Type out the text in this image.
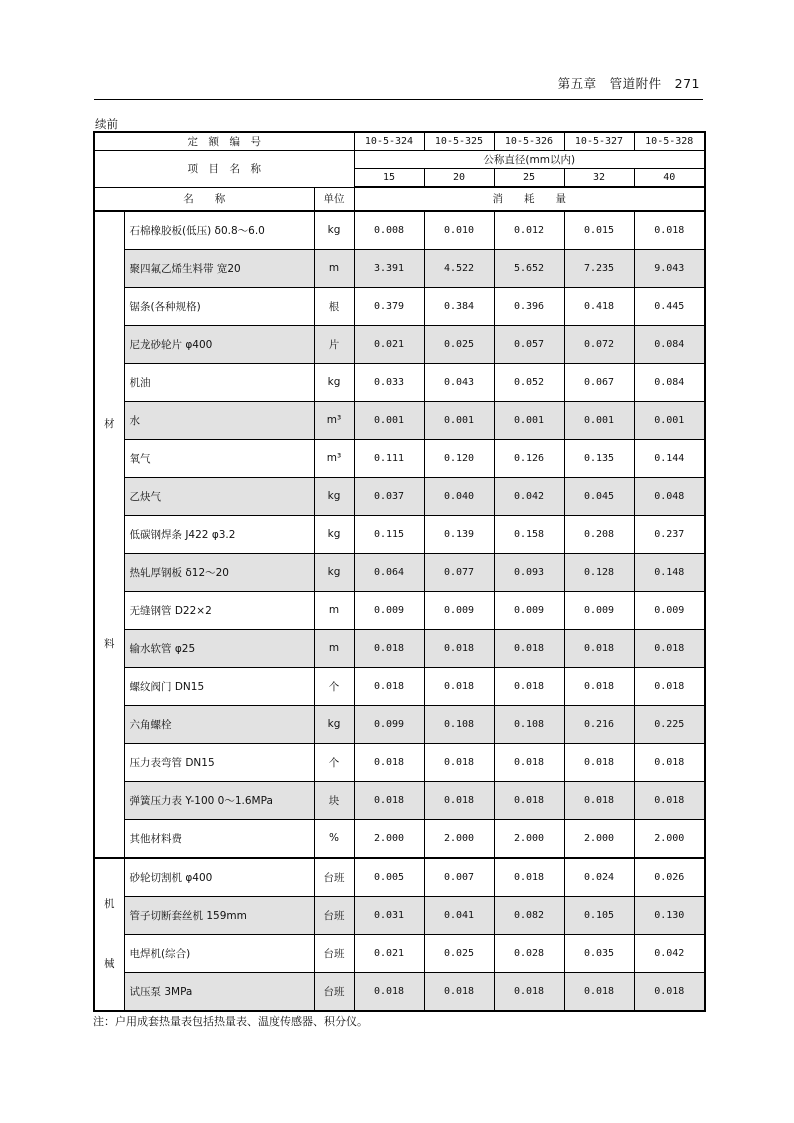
第五章　管道附件　271
续前
定　额　编　号			10-5-324	10-5-325	10-5-326	10-5-327	10-5-328
项　目　名　称			公称直径(mm以内)				
			15	20	25	32	40
名　　称		单位	消　　耗　　量				

材
料	石棉橡胶板(低压) δ0.8～6.0	kg	0.008	0.010	0.012	0.015	0.018
	聚四氟乙烯生料带 宽20	m	3.391	4.522	5.652	7.235	9.043
	锯条(各种规格)	根	0.379	0.384	0.396	0.418	0.445
	尼龙砂轮片 φ400	片	0.021	0.025	0.057	0.072	0.084
	机油	kg	0.033	0.043	0.052	0.067	0.084
	水	m³	0.001	0.001	0.001	0.001	0.001
	氧气	m³	0.111	0.120	0.126	0.135	0.144
	乙炔气	kg	0.037	0.040	0.042	0.045	0.048
	低碳钢焊条 J422 φ3.2	kg	0.115	0.139	0.158	0.208	0.237
	热轧厚钢板 δ12～20	kg	0.064	0.077	0.093	0.128	0.148
	无缝钢管 D22×2	m	0.009	0.009	0.009	0.009	0.009
	输水软管 φ25	m	0.018	0.018	0.018	0.018	0.018
	螺纹阀门 DN15	个	0.018	0.018	0.018	0.018	0.018
	六角螺栓	kg	0.099	0.108	0.108	0.216	0.225
	压力表弯管 DN15	个	0.018	0.018	0.018	0.018	0.018
	弹簧压力表 Y-100 0～1.6MPa	块	0.018	0.018	0.018	0.018	0.018
	其他材料费	%	2.000	2.000	2.000	2.000	2.000

机
械	砂轮切割机 φ400	台班	0.005	0.007	0.018	0.024	0.026
	管子切断套丝机 159mm	台班	0.031	0.041	0.082	0.105	0.130
	电焊机(综合)	台班	0.021	0.025	0.028	0.035	0.042
	试压泵 3MPa	台班	0.018	0.018	0.018	0.018	0.018
注：户用成套热量表包括热量表、温度传感器、积分仪。
